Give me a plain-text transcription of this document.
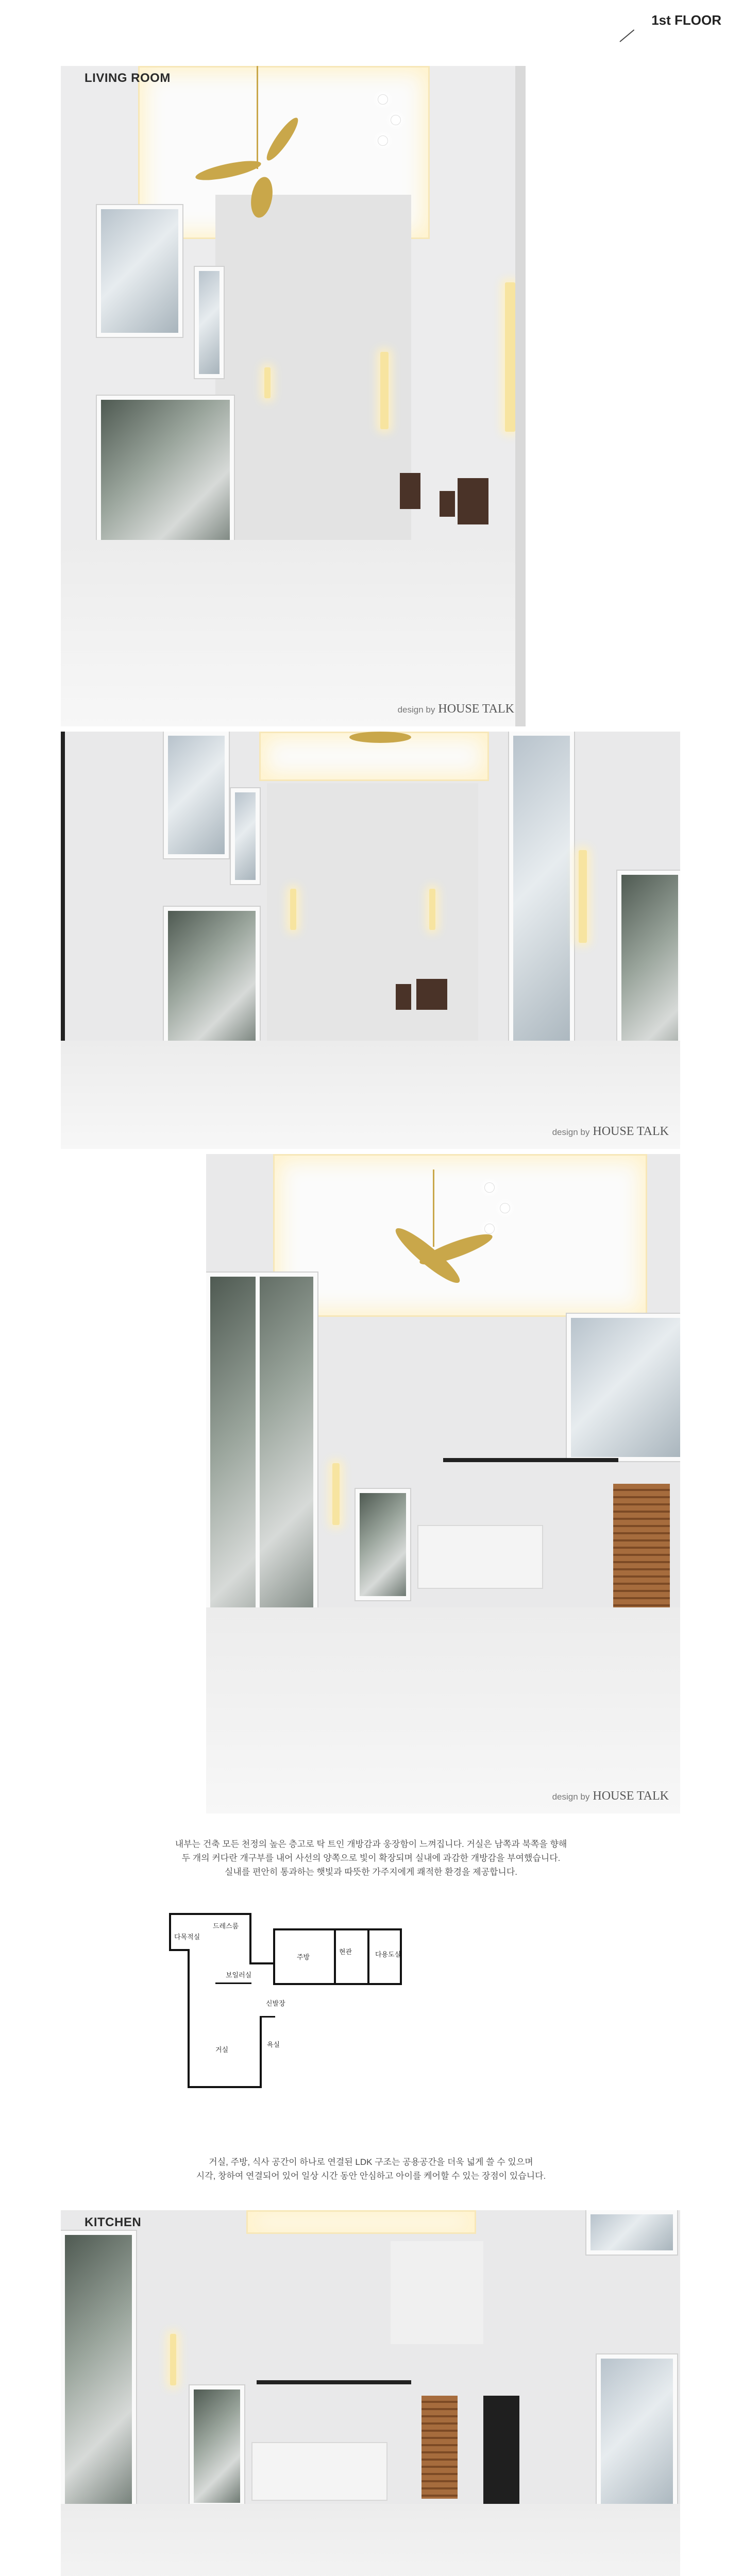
1st FLOOR
LIVING ROOM
design by HOUSE TALK
design by HOUSE TALK
design by HOUSE TALK
내부는 건축 모든 천정의 높은 층고로 탁 트인 개방감과 웅장함이 느껴집니다. 거실은 남쪽과 북쪽을 향해
두 개의 커다란 개구부를 내어 사선의 양쪽으로 빛이 확장되며 실내에 과감한 개방감을 부여했습니다.
실내를 편안히 통과하는 햇빛과 따뜻한 가주지에게 쾌적한 환경을 제공합니다.
다목적실
드레스룸
보일러실
주방
현관
신발장
욕실
거실
다용도실
거실, 주방, 식사 공간이 하나로 연결된 LDK 구조는 공용공간을 더욱 넓게 쓸 수 있으며
시각, 창하여 연결되어 있어 일상 시간 동안 안심하고 아이를 케어할 수 있는 장점이 있습니다.
KITCHEN
